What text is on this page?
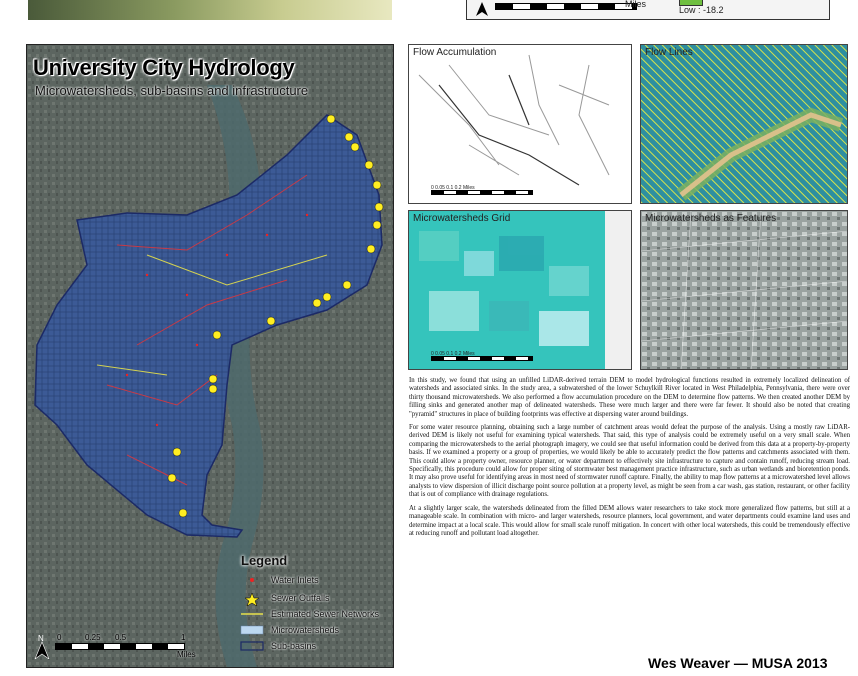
Miles
Low : -18.2
University City Hydrology
Microwatersheds, sub-basins and infrastructure
Legend
Water Inlets
Sewer Outfalls
Estimated Sewer Networks
Microwatersheds
Sub-basins
N 0	0.25 0.5	1
Miles
Flow Accumulation
0 0.05 0.1 0.2 Miles
Flow Lines
Microwatersheds Grid
0 0.05 0.1 0.2 Miles
Microwatersheds as Features

In this study, we found that using an unfilled LiDAR-derived terrain DEM to model hydrological functions resulted in extremely localized delineation of watersheds and associated sinks. In the study area, a subwatershed of the lower Schuylkill River located in West Philadelphia, Pennsylvania, there were over thirty thousand microwatersheds. We also performed a flow accumulation procedure on the DEM to determine flow patterns. We then created another DEM by filling sinks and generated another map of delineated watersheds. These were much larger and there were far fewer. It should also be noted that creating "pyramid" structures in place of building footprints was effective at dispersing water around buildings.

For some water resource planning, obtaining such a large number of catchment areas would defeat the purpose of the analysis. Using a mostly raw LiDAR-derived DEM is likely not useful for examining typical watersheds. That said, this type of analysis could be extremely useful on a very small scale. When comparing the microwatersheds to the aerial photograph imagery, we could see that useful information could be derived from this data at a property-by-property basis. If we examined a property or a group of properties, we would likely be able to accurately predict the flow patterns and catchments associated with them. This could allow a property owner, resource planner, or water department to effectively site infrastructure to capture and contain runoff, reducing stream load. Specifically, this procedure could allow for proper siting of stormwater best management practice infrastructure, such as urban wetlands and bioretention ponds. It may also prove useful for identifying areas in most need of stormwater runoff capture. Finally, the ability to map flow patterns at a microwatershed level allows analysts to view dispersion of illicit discharge point source pollution at a property level, as might be seen from a car wash, gas station, restaurant, or other facility that is out of compliance with drainage regulations.

At a slightly larger scale, the watersheds delineated from the filled DEM allows water researchers to take stock more generalized flow patterns, but still at a manageable scale. In combination with micro- and larger watersheds, resource planners, local government, and water departments could examine land uses and determine impact at a local scale. This would allow for small scale runoff mitigation. In concert with other local watersheds, this could be tremendously effective at reducing runoff and pollutant load altogether.

Wes Weaver — MUSA 2013
